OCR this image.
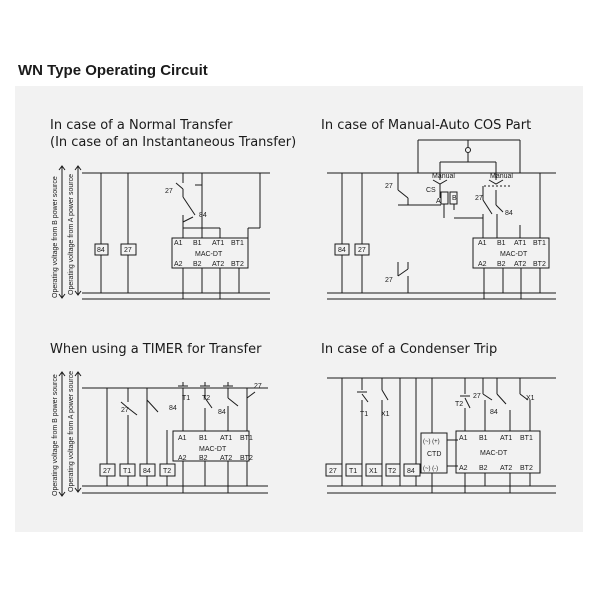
WN Type Operating Circuit
In case of a Normal Transfer
(In case of an Instantaneous Transfer)
In case of Manual-Auto COS Part
When using a TIMER for Transfer	In case of a Condenser Trip
Operating voltage from B power source Operating voltage from A power source
Operating voltage from B power source Operating voltage from A power source
84	27
27
84
A1 B1 AT1 BT1
MAC-DT
A2 B2 AT2 BT2
84 27
27
27
Manual	Manual
CS
A B	27
84
A1 B1 AT1 BT1
MAC-DT
A2 B2 AT2 BT2
27 T1 84 T2
27	84
T1 T2
84
27
A1 B1 AT1 BT1
MAC-DT
A2 B2 AT2 BT2
27 T1 X1 T2 84
T1 X1
(~) (+)
CTD
(~) (-)
T2
27
84
X1
A1 B1 AT1 BT1
MAC-DT
A2 B2 AT2 BT2
